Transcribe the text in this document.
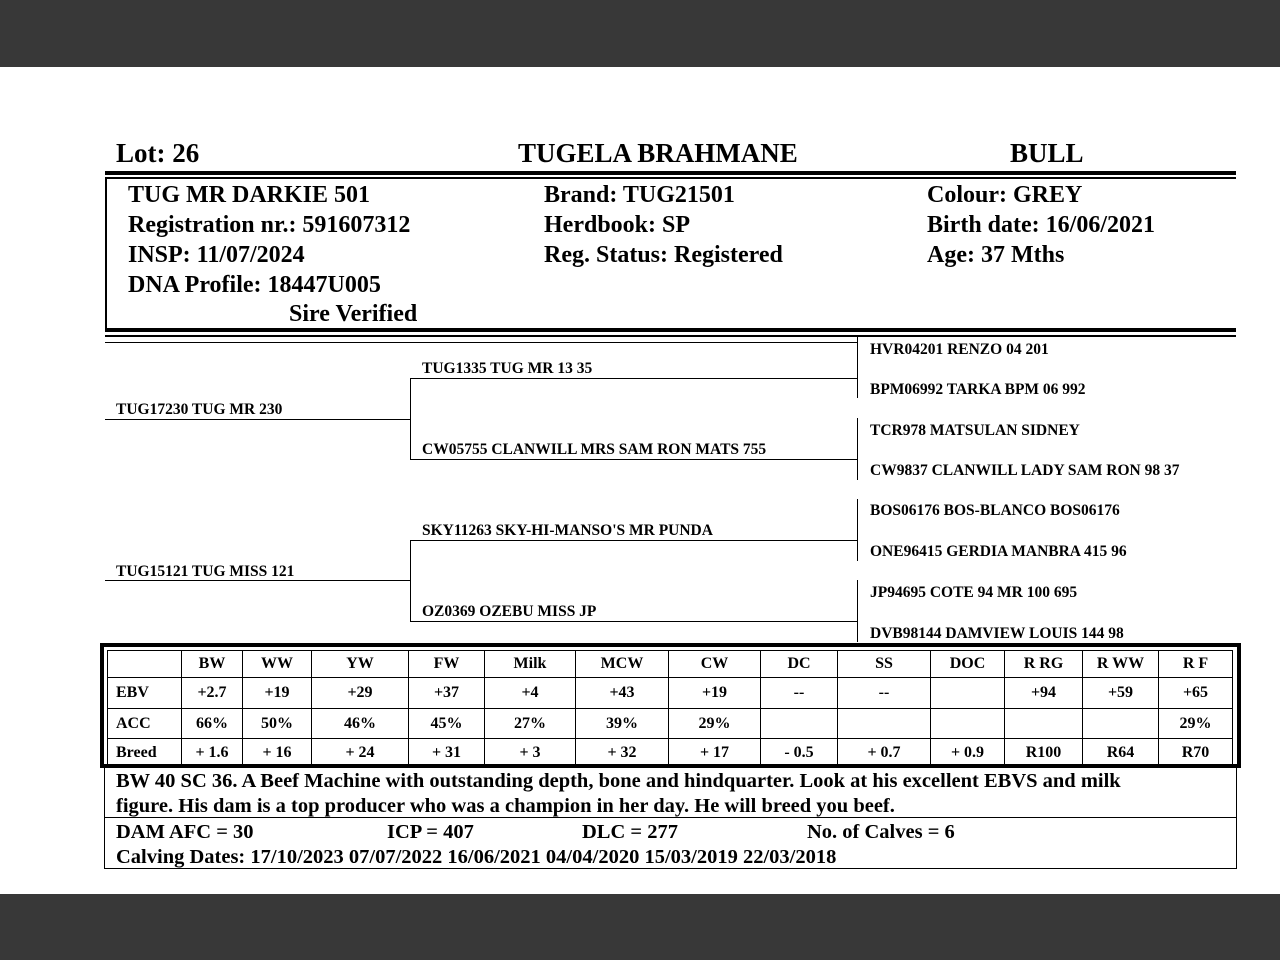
Lot: 26	TUGELA BRAHMANE	BULL
TUG MR DARKIE 501
Registration nr.: 591607312
INSP: 11/07/2024
DNA Profile: 18447U005
Sire Verified
Brand: TUG21501
Herdbook: SP
Reg. Status: Registered
Colour: GREY
Birth date: 16/06/2021
Age: 37 Mths
TUG17230 TUG MR 230
TUG15121 TUG MISS 121
TUG1335 TUG MR 13 35
CW05755 CLANWILL MRS SAM RON MATS 755
SKY11263 SKY-HI-MANSO'S MR PUNDA
OZ0369 OZEBU MISS JP
HVR04201 RENZO 04 201
BPM06992 TARKA BPM 06 992
TCR978 MATSULAN SIDNEY
CW9837 CLANWILL LADY SAM RON 98 37
BOS06176 BOS-BLANCO BOS06176
ONE96415 GERDIA MANBRA 415 96
JP94695 COTE 94 MR 100 695
DVB98144 DAMVIEW LOUIS 144 98
	BW	WW	YW	FW	Milk	MCW	CW	DC	SS	DOC	R RG	R WW	R F
EBV	+2.7	+19	+29	+37	+4	+43	+19	--	--		+94	+59	+65
ACC	66%	50%	46%	45%	27%	39%	29%						29%
Breed	+ 1.6	+ 16	+ 24	+ 31	+ 3	+ 32	+ 17	- 0.5	+ 0.7	+ 0.9	R100	R64	R70
BW 40 SC 36. A Beef Machine with outstanding depth, bone and hindquarter. Look at his excellent EBVS and milk
figure. His dam is a top producer who was a champion in her day. He will breed you beef.
DAM AFC = 30	ICP = 407	DLC = 277	No. of Calves = 6
Calving Dates: 17/10/2023 07/07/2022 16/06/2021 04/04/2020 15/03/2019 22/03/2018
